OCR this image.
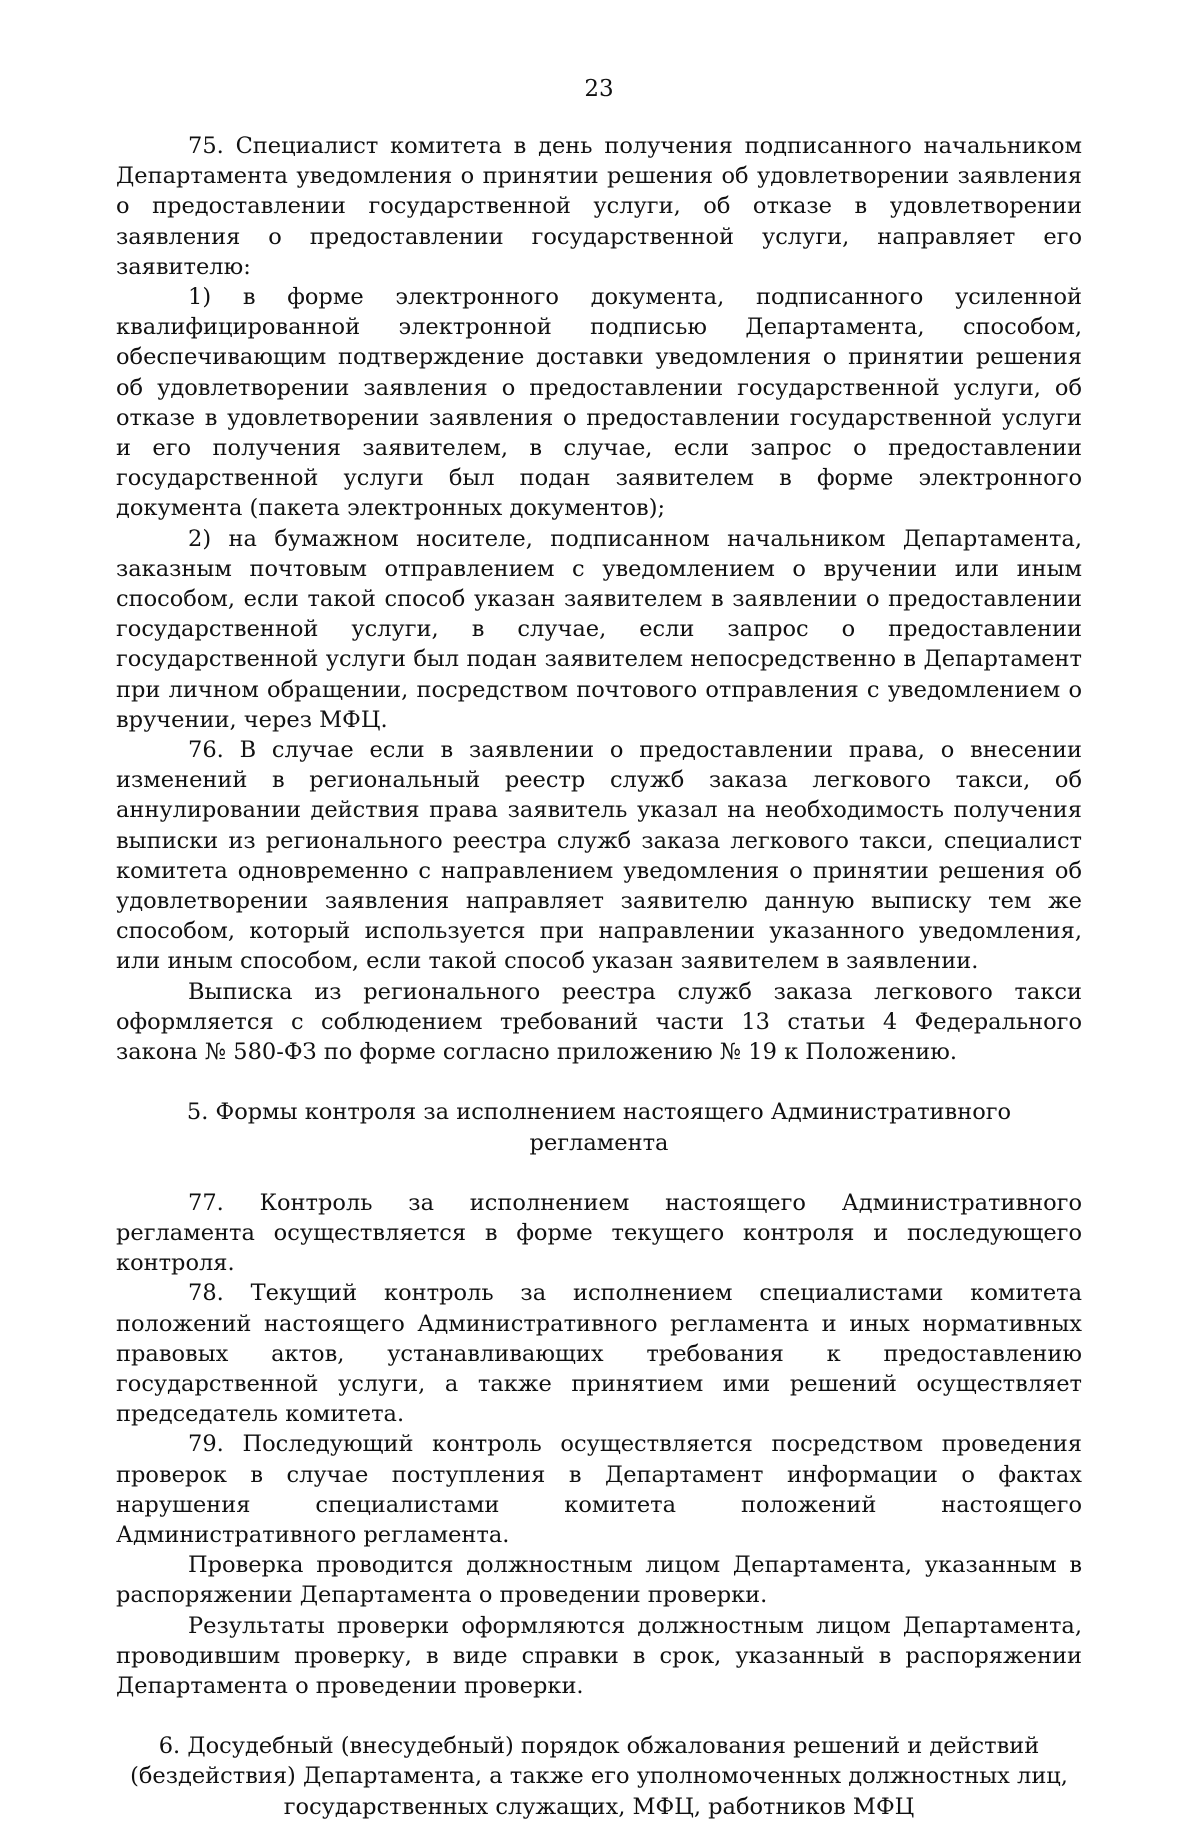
23

75. Специалист комитета в день получения подписанного начальником Департамента уведомления о принятии решения об удовлетворении заявления о предоставлении государственной услуги, об отказе в удовлетворении заявления о предоставлении государственной услуги, направляет его заявителю:

1) в форме электронного документа, подписанного усиленной квалифицированной электронной подписью Департамента, способом, обеспечивающим подтверждение доставки уведомления о принятии решения об удовлетворении заявления о предоставлении государственной услуги, об отказе в удовлетворении заявления о предоставлении государственной услуги и его получения заявителем, в случае, если запрос о предоставлении государственной услуги был подан заявителем в форме электронного документа (пакета электронных документов);

2) на бумажном носителе, подписанном начальником Департамента, заказным почтовым отправлением с уведомлением о вручении или иным способом, если такой способ указан заявителем в заявлении о предоставлении государственной услуги, в случае, если запрос о предоставлении государственной услуги был подан заявителем непосредственно в Департамент при личном обращении, посредством почтового отправления с уведомлением о вручении, через МФЦ.

76. В случае если в заявлении о предоставлении права, о внесении изменений в региональный реестр служб заказа легкового такси, об аннулировании действия права заявитель указал на необходимость получения выписки из регионального реестра служб заказа легкового такси, специалист комитета одновременно с направлением уведомления о принятии решения об удовлетворении заявления направляет заявителю данную выписку тем же способом, который используется при направлении указанного уведомления, или иным способом, если такой способ указан заявителем в заявлении.

Выписка из регионального реестра служб заказа легкового такси оформляется с соблюдением требований части 13 статьи 4 Федерального закона № 580-ФЗ по форме согласно приложению № 19 к Положению.

5. Формы контроля за исполнением настоящего Административного регламента

77. Контроль за исполнением настоящего Административного регламента осуществляется в форме текущего контроля и последующего контроля.

78. Текущий контроль за исполнением специалистами комитета положений настоящего Административного регламента и иных нормативных правовых актов, устанавливающих требования к предоставлению государственной услуги, а также принятием ими решений осуществляет председатель комитета.

79. Последующий контроль осуществляется посредством проведения проверок в случае поступления в Департамент информации о фактах нарушения специалистами комитета положений настоящего Административного регламента.

Проверка проводится должностным лицом Департамента, указанным в распоряжении Департамента о проведении проверки.

Результаты проверки оформляются должностным лицом Департамента, проводившим проверку, в виде справки в срок, указанный в распоряжении Департамента о проведении проверки.

6. Досудебный (внесудебный) порядок обжалования решений и действий (бездействия) Департамента, а также его уполномоченных должностных лиц, государственных служащих, МФЦ, работников МФЦ
